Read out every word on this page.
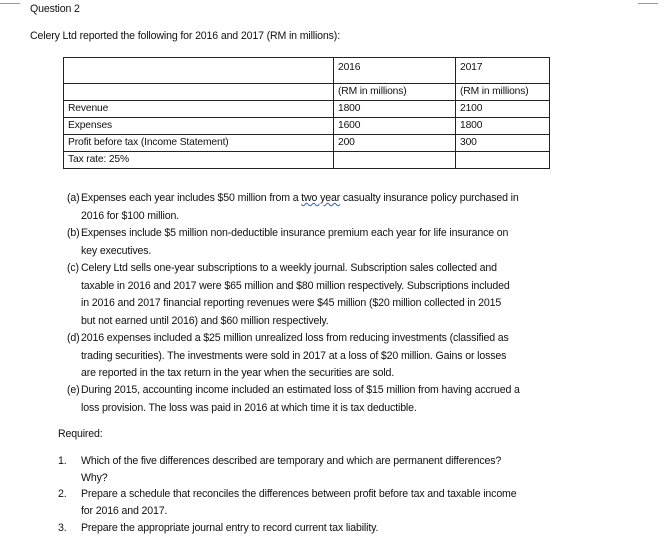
Question 2
Celery Ltd reported the following for 2016 and 2017 (RM in millions):
	2016	2017
	(RM in millions)	(RM in millions)
Revenue	1800	2100
Expenses	1600	1800
Profit before tax (Income Statement)	200	300
Tax rate: 25%		
(a) Expenses each year includes $50 million from a two year casualty insurance policy purchased in
2016 for $100 million.
(b) Expenses include $5 million non-deductible insurance premium each year for life insurance on
key executives.
(c) Celery Ltd sells one-year subscriptions to a weekly journal. Subscription sales collected and
taxable in 2016 and 2017 were $65 million and $80 million respectively. Subscriptions included
in 2016 and 2017 financial reporting revenues were $45 million ($20 million collected in 2015
but not earned until 2016) and $60 million respectively.
(d) 2016 expenses included a $25 million unrealized loss from reducing investments (classified as
trading securities). The investments were sold in 2017 at a loss of $20 million. Gains or losses
are reported in the tax return in the year when the securities are sold.
(e) During 2015, accounting income included an estimated loss of $15 million from having accrued a
loss provision. The loss was paid in 2016 at which time it is tax deductible.
Required:
1. Which of the five differences described are temporary and which are permanent differences?
Why?
2. Prepare a schedule that reconciles the differences between profit before tax and taxable income
for 2016 and 2017.
3. Prepare the appropriate journal entry to record current tax liability.
